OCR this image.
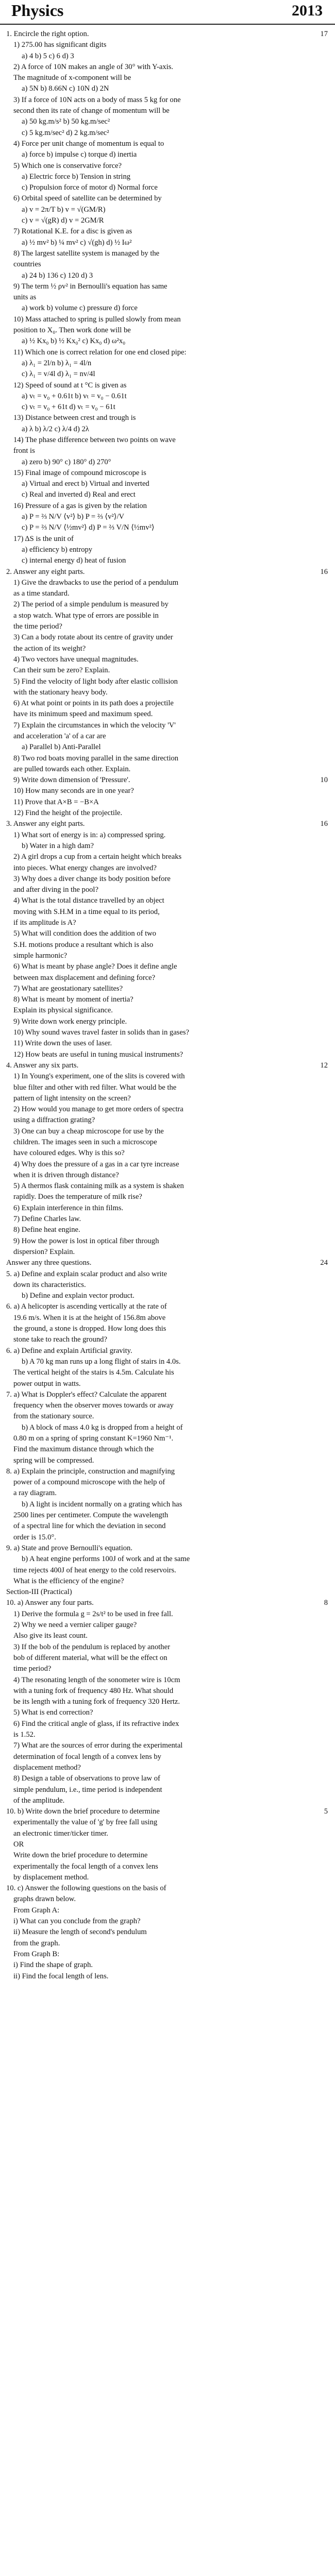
Physics	2013
17
1. Encircle the right option.
1) 275.00 has significant digits
a) 4 b) 5 c) 6 d) 3
2) A force of 10N makes an angle of 30° with Y-axis.
The magnitude of x-component will be
a) 5N b) 8.66N c) 10N d) 2N
3) If a force of 10N acts on a body of mass 5 kg for one
second then its rate of change of momentum will be
a) 50 kg.m/s² b) 50 kg.m/sec²
c) 5 kg.m/sec² d) 2 kg.m/sec²
4) Force per unit change of momentum is equal to
a) force b) impulse c) torque d) inertia
5) Which one is conservative force?
a) Electric force b) Tension in string
c) Propulsion force of motor d) Normal force
6) Orbital speed of satellite can be determined by
a) v = 2π/T b) v = √(GM/R)
c) v = √(gR) d) v = 2GM/R
7) Rotational K.E. for a disc is given as
a) ½ mv² b) ¼ mv² c) √(gh) d) ½ Iω²
8) The largest satellite system is managed by the
countries
a) 24 b) 136 c) 120 d) 3
9) The term ½ ρv² in Bernoulli's equation has same
units as
a) work b) volume c) pressure d) force
10) Mass attached to spring is pulled slowly from mean
position to X₀. Then work done will be
a) ½ Kx₀ b) ½ Kx₀² c) Kx₀ d) ω²x₀
11) Which one is correct relation for one end closed pipe:
a) λ₁ = 2l/n b) λ₁ = 4l/n
c) λ₁ = v/4l d) λ₁ = nv/4l
12) Speed of sound at t °C is given as
a) vₜ = v₀ + 0.61t b) vₜ = v₀ − 0.61t
c) vₜ = v₀ + 61t d) vₜ = v₀ − 61t
13) Distance between crest and trough is
a) λ b) λ/2 c) λ/4 d) 2λ
14) The phase difference between two points on wave
front is
a) zero b) 90° c) 180° d) 270°
15) Final image of compound microscope is
a) Virtual and erect b) Virtual and inverted
c) Real and inverted d) Real and erect
16) Pressure of a gas is given by the relation
a) P = ⅔ N/V ⟨v²⟩ b) P = ⅔ ⟨v²⟩/V
c) P = ⅔ N/V ⟨½mv²⟩ d) P = ⅔ V/N ⟨½mv²⟩
17) ΔS is the unit of
a) efficiency b) entropy
c) internal energy d) heat of fusion
16
2. Answer any eight parts.
1) Give the drawbacks to use the period of a pendulum
as a time standard.
2) The period of a simple pendulum is measured by
a stop watch. What type of errors are possible in
the time period?
3) Can a body rotate about its centre of gravity under
the action of its weight?
4) Two vectors have unequal magnitudes.
Can their sum be zero? Explain.
5) Find the velocity of light body after elastic collision
with the stationary heavy body.
6) At what point or points in its path does a projectile
have its minimum speed and maximum speed.
7) Explain the circumstances in which the velocity 'V'
and acceleration 'a' of a car are
a) Parallel b) Anti-Parallel
8) Two rod boats moving parallel in the same direction
are pulled towards each other. Explain.
10
9) Write down dimension of 'Pressure'.
10) How many seconds are in one year?
11) Prove that A×B = −B×A
12) Find the height of the projectile.
16
3. Answer any eight parts.
1) What sort of energy is in: a) compressed spring.
b) Water in a high dam?
2) A girl drops a cup from a certain height which breaks
into pieces. What energy changes are involved?
3) Why does a diver change its body position before
and after diving in the pool?
4) What is the total distance travelled by an object
moving with S.H.M in a time equal to its period,
if its amplitude is A?
5) What will condition does the addition of two
S.H. motions produce a resultant which is also
simple harmonic?
6) What is meant by phase angle? Does it define angle
between max displacement and defining force?
7) What are geostationary satellites?
8) What is meant by moment of inertia?
Explain its physical significance.
9) Write down work energy principle.
10) Why sound waves travel faster in solids than in gases?
11) Write down the uses of laser.
12) How beats are useful in tuning musical instruments?
12
4. Answer any six parts.
1) In Young's experiment, one of the slits is covered with
blue filter and other with red filter. What would be the
pattern of light intensity on the screen?
2) How would you manage to get more orders of spectra
using a diffraction grating?
3) One can buy a cheap microscope for use by the
children. The images seen in such a microscope
have coloured edges. Why is this so?
4) Why does the pressure of a gas in a car tyre increase
when it is driven through distance?
5) A thermos flask containing milk as a system is shaken
rapidly. Does the temperature of milk rise?
6) Explain interference in thin films.
7) Define Charles law.
8) Define heat engine.
9) How the power is lost in optical fiber through
dispersion? Explain.
24
Answer any three questions.
5. a) Define and explain scalar product and also write
down its characteristics.
b) Define and explain vector product.
6. a) A helicopter is ascending vertically at the rate of
19.6 m/s. When it is at the height of 156.8m above
the ground, a stone is dropped. How long does this
stone take to reach the ground?
6. a) Define and explain Artificial gravity.
b) A 70 kg man runs up a long flight of stairs in 4.0s.
The vertical height of the stairs is 4.5m. Calculate his
power output in watts.
7. a) What is Doppler's effect? Calculate the apparent
frequency when the observer moves towards or away
from the stationary source.
b) A block of mass 4.0 kg is dropped from a height of
0.80 m on a spring of spring constant K=1960 Nm⁻¹.
Find the maximum distance through which the
spring will be compressed.
8. a) Explain the principle, construction and magnifying
power of a compound microscope with the help of
a ray diagram.
b) A light is incident normally on a grating which has
2500 lines per centimeter. Compute the wavelength
of a spectral line for which the deviation in second
order is 15.0°.
9. a) State and prove Bernoulli's equation.
b) A heat engine performs 100J of work and at the same
time rejects 400J of heat energy to the cold reservoirs.
What is the efficiency of the engine?
Section-III (Practical)
8
10. a) Answer any four parts.
1) Derive the formula g = 2s/t² to be used in free fall.
2) Why we need a vernier caliper gauge?
Also give its least count.
3) If the bob of the pendulum is replaced by another
bob of different material, what will be the effect on
time period?
4) The resonating length of the sonometer wire is 10cm
with a tuning fork of frequency 480 Hz. What should
be its length with a tuning fork of frequency 320 Hertz.
5) What is end correction?
6) Find the critical angle of glass, if its refractive index
is 1.52.
7) What are the sources of error during the experimental
determination of focal length of a convex lens by
displacement method?
8) Design a table of observations to prove law of
simple pendulum, i.e., time period is independent
of the amplitude.
5
10. b) Write down the brief procedure to determine
experimentally the value of 'g' by free fall using
an electronic timer/ticker timer.
OR
Write down the brief procedure to determine
experimentally the focal length of a convex lens
by displacement method.
10. c) Answer the following questions on the basis of
graphs drawn below.
From Graph A:
i) What can you conclude from the graph?
ii) Measure the length of second's pendulum
from the graph.
From Graph B:
i) Find the shape of graph.
ii) Find the focal length of lens.
